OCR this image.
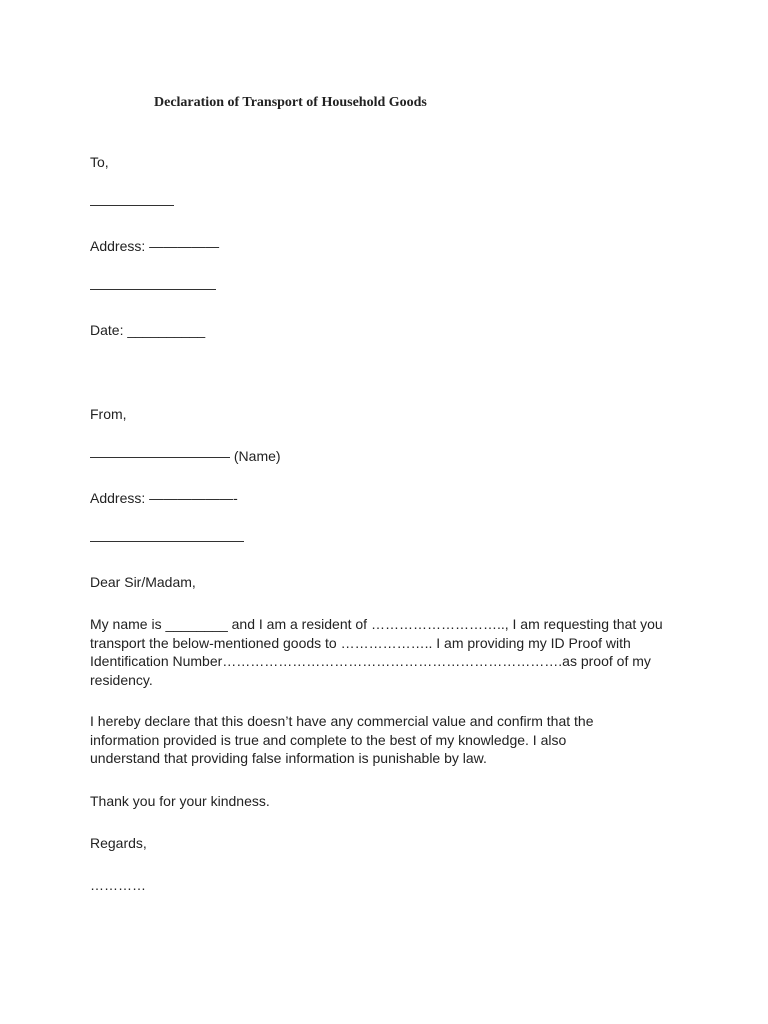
Declaration of Transport of Household Goods
To,
——————
Address: —————
—————————
Date: __________
From,
—————————— (Name)
Address: ——————-
———————————
Dear Sir/Madam,
My name is ________ and I am a resident of ……………………….., I am requesting that you
transport the below-mentioned goods to ……………….. I am providing my ID Proof with
Identification Number……………………………………………………………….as proof of my
residency.
I hereby declare that this doesn’t have any commercial value and confirm that the
information provided is true and complete to the best of my knowledge. I also
understand that providing false information is punishable by law.
Thank you for your kindness.
Regards,
…………
